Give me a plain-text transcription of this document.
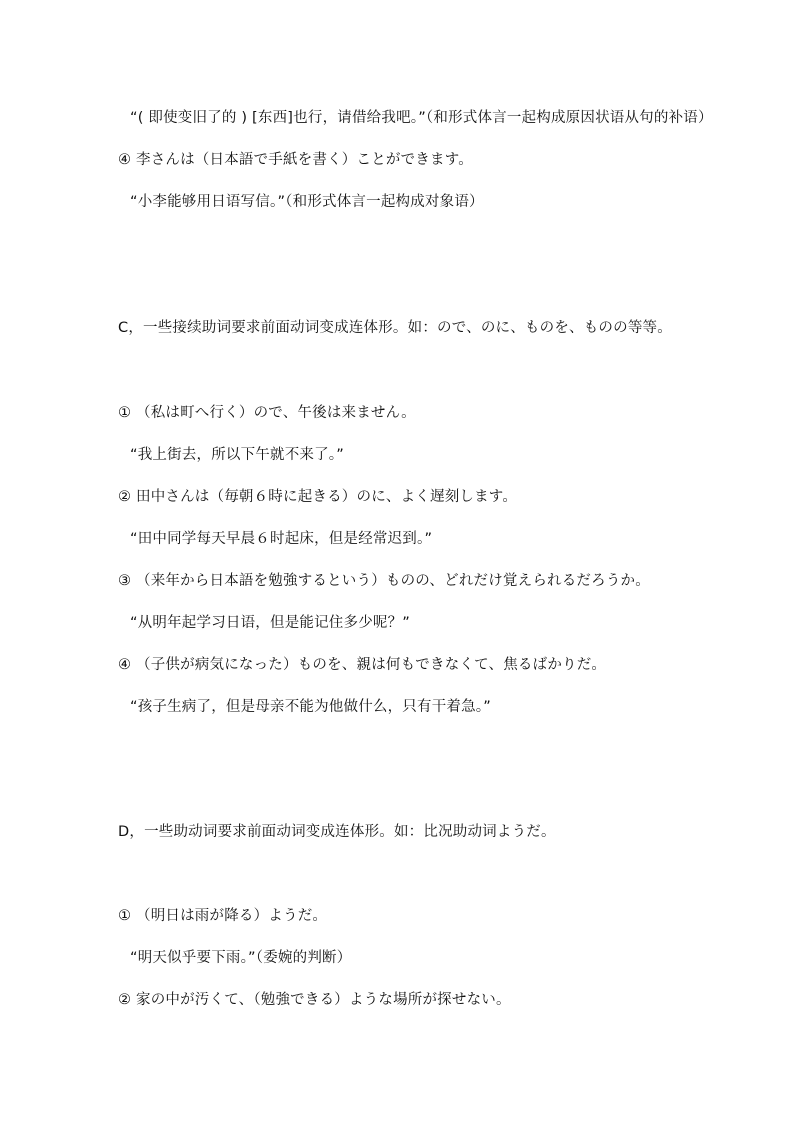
“( 即使变旧了的 ) [东西]也行，请借给我吧。”（和形式体言一起构成原因状语从句的补语）
④ 李さんは（日本語で手紙を書く）ことができます。
“小李能够用日语写信。”（和形式体言一起构成对象语）
C，一些接续助词要求前面动词变成连体形。如：ので、のに、ものを、ものの等等。
① （私は町へ行く）ので、午後は来ません。
“我上街去，所以下午就不来了。”
② 田中さんは（毎朝６時に起きる）のに、よく遅刻します。
“田中同学每天早晨６时起床，但是经常迟到。”
③ （来年から日本語を勉強するという）ものの、どれだけ覚えられるだろうか。
“从明年起学习日语，但是能记住多少呢？”
④ （子供が病気になった）ものを、親は何もできなくて、焦るばかりだ。
“孩子生病了，但是母亲不能为他做什么，只有干着急。”
D，一些助动词要求前面动词变成连体形。如：比况助动词ようだ。
① （明日は雨が降る）ようだ。
“明天似乎要下雨。”（委婉的判断）
② 家の中が汚くて、（勉強できる）ような場所が探せない。
